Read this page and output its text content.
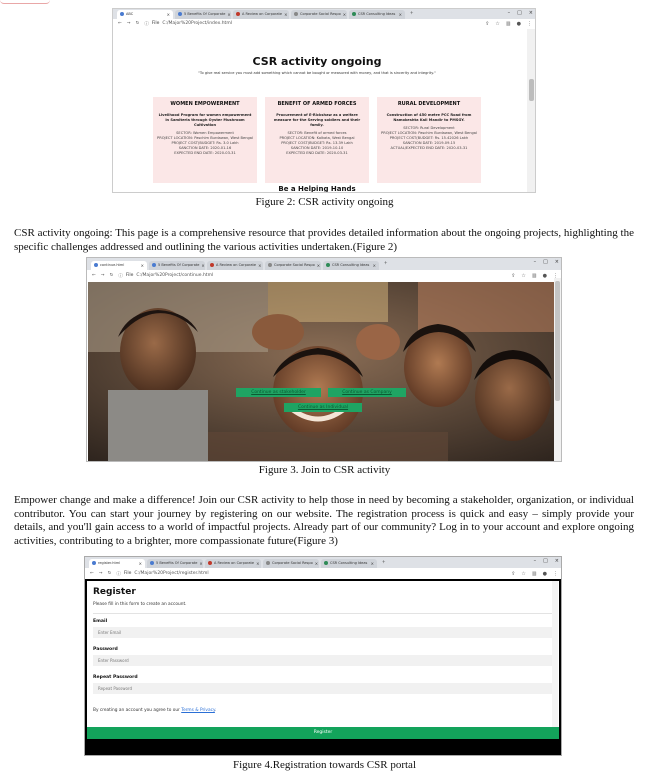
ABC	×	5 Benefits Of Corporate ×	A Review on Corporate ×	Corporate Social Respo ×	CSR Consulting Ideas ×	+	– □ ×
← → ↻ ⓘ File C:/Major%20Project/index.html	⇪ ☆ ▥ ● ⋮
CSR activity ongoing
"To give real service you must add something which cannot be bought or measured with money, and that is sincerity and integrity."
WOMEN EMPOWERMENT
Livelihood Program for women empowerment in Samiterla through Oyster Mushroom Cultivation
SECTOR: Women Empowerment
PROJECT LOCATION: Paschim Burdawan, West Bengal
PROJECT COST(BUDGET: Rs. 3.0 Lakh
SANCTION DATE: 2020-01-16
EXPECTED END DATE: 2020-03-31
BENEFIT OF ARMED FORCES
Procurement of E-Rickshaw as a welfare measure for the Serving soldiers and their family.
SECTOR: Benefit of armed forces
PROJECT LOCATION: Kolkata, West Bengal
PROJECT COST(BUDGET: Rs. 13.39 Lakh
SANCTION DATE: 2019-10-10
EXPECTED END DATE: 2020-03-31
RURAL DEVELOPMENT
Construction of 450 metre PCC Road from Namokeshta Kali Mandir to PMSGY.
SECTOR: Rural Development
PROJECT LOCATION: Paschim Burdawan, West Bengal
PROJECT COST(BUDGET: Rs. 15.42026 Lakh
SANCTION DATE: 2019-09-15
ACTUAL/EXPECTED END DATE: 2020-03-31
Be a Helping Hands
Figure 2: CSR activity ongoing
CSR activity ongoing: This page is a comprehensive resource that provides detailed information about the ongoing projects, highlighting the specific challenges addressed and outlining the various activities undertaken.(Figure 2)
continue.html	×	5 Benefits Of Corporate ×	A Review on Corporate ×	Corporate Social Respo ×	CSR Consulting Ideas ×	+	– □ ×
← → ↻ ⓘ File C:/Major%20Project/continue.html	⇪ ☆ ▥ ● ⋮
Continue as stakeholder	Continue as Company
Continue as Individual
Figure 3. Join to CSR activity
Empower change and make a difference! Join our CSR activity to help those in need by becoming a stakeholder, organization, or individual contributor. You can start your journey by registering on our website. The registration process is quick and easy – simply provide your details, and you'll gain access to a world of impactful projects. Already part of our community? Log in to your account and explore ongoing activities, contributing to a brighter, more compassionate future(Figure 3)
register.html	×	5 Benefits Of Corporate ×	A Review on Corporate ×	Corporate Social Respo ×	CSR Consulting Ideas ×	+	– □ ×
← → ↻ ⓘ File C:/Major%20Project/register.html	⇪ ☆ ▥ ● ⋮
Register
Please fill in this form to create an account.
Email
Enter Email
Password
Enter Password
Repeat Password
Repeat Password
By creating an account you agree to our Terms & Privacy.
Register
Figure 4.Registration towards CSR portal
